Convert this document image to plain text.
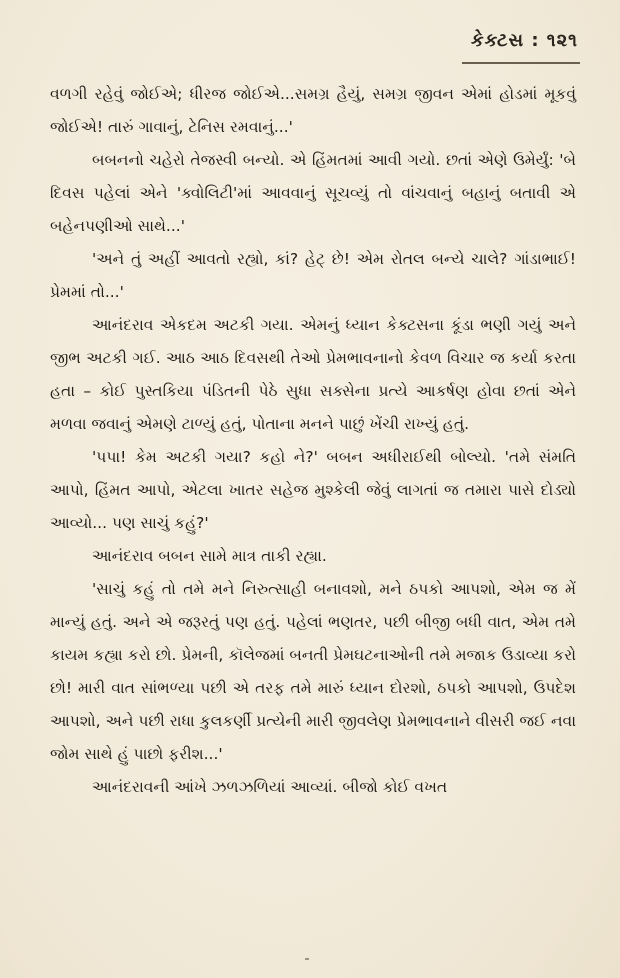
કેક્ટસ : ૧૨૧

વળગી રહેવું જોઈએ; ધીરજ જોઈએ...સમગ્ર હૈયું, સમગ્ર જીવન એમાં હોડમાં મૂકવું જોઈએ! તારું ગાવાનું, ટેનિસ રમવાનું...'

બબનનો ચહેરો તેજસ્વી બન્યો. એ હિંમતમાં આવી ગયો. છતાં એણે ઉમેર્યું: 'બે દિવસ પહેલાં એને 'ક્વોલિટી'માં આવવાનું સૂચવ્યું તો વાંચવાનું બહાનું બતાવી એ બહેનપણીઓ સાથે...'

'અને તું અહીં આવતો રહ્યો, કાં? હેટ્ છે! એમ રોતલ બન્યે ચાલે? ગાંડાભાઈ! પ્રેમમાં તો...'

આનંદરાવ એકદમ અટકી ગયા. એમનું ધ્યાન કેક્ટસના કૂંડા ભણી ગયું અને જીભ અટકી ગઈ. આઠ આઠ દિવસથી તેઓ પ્રેમભાવનાનો કેવળ વિચાર જ કર્યા કરતા હતા – કોઈ પુસ્તકિયા પંડિતની પેઠે સુધા સક્સેના પ્રત્યે આકર્ષણ હોવા છતાં એને મળવા જવાનું એમણે ટાળ્યું હતું, પોતાના મનને પાછું ખેંચી રાખ્યું હતું.

'પપા! કેમ અટકી ગયા? કહો ને?' બબન અધીરાઈથી બોલ્યો. 'તમે સંમતિ આપો, હિંમત આપો, એટલા ખાતર સહેજ મુશ્કેલી જેવું લાગતાં જ તમારા પાસે દોડ્યો આવ્યો... પણ સાચું કહું?'

આનંદરાવ બબન સામે માત્ર તાકી રહ્યા.

'સાચું કહું તો તમે મને નિરુત્સાહી બનાવશો, મને ઠપકો આપશો, એમ જ મેં માન્યું હતું. અને એ જરૂરતું પણ હતું. પહેલાં ભણતર, પછી બીજી બધી વાત, એમ તમે કાયમ કહ્યા કરો છો. પ્રેમની, કૉલેજમાં બનતી પ્રેમઘટનાઓની તમે મજાક ઉડાવ્યા કરો છો! મારી વાત સાંભળ્યા પછી એ તરફ તમે મારું ધ્યાન દોરશો, ઠપકો આપશો, ઉપદેશ આપશો, અને પછી રાધા કુલકર્ણી પ્રત્યેની મારી જીવલેણ પ્રેમભાવનાને વીસરી જઈ નવા જોમ સાથે હું પાછો ફરીશ...'

આનંદરાવની આંખે ઝળઝળિયાં આવ્યાં. બીજો કોઈ વખત
